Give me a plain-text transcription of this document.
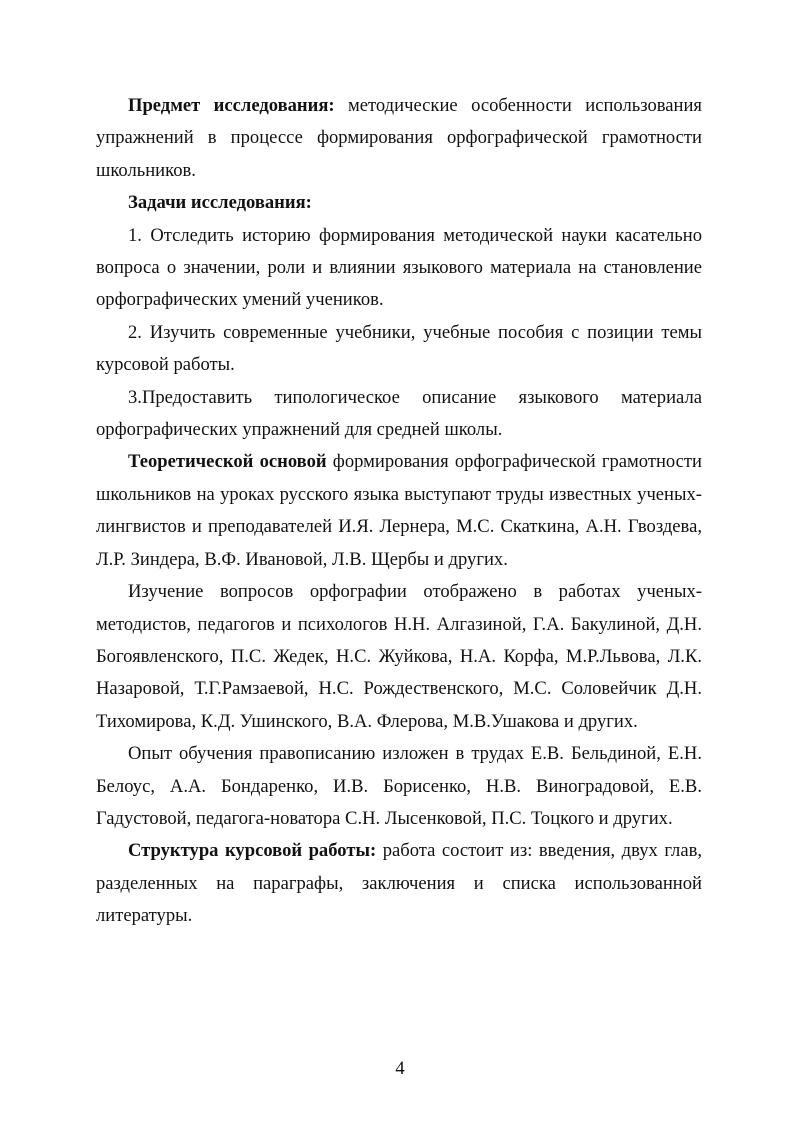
Предмет исследования: методические особенности использования упражнений в процессе формирования орфографической грамотности школьников.

Задачи исследования:

1. Отследить историю формирования методической науки касательно вопроса о значении, роли и влиянии языкового материала на становление орфографических умений учеников.

2. Изучить современные учебники, учебные пособия с позиции темы курсовой работы.

3.Предоставить типологическое описание языкового материала орфографических упражнений для средней школы.

Теоретической основой формирования орфографической грамотности школьников на уроках русского языка выступают труды известных ученых-лингвистов и преподавателей И.Я. Лернера, М.С. Скаткина, А.Н. Гвоздева, Л.Р. Зиндера, В.Ф. Ивановой, Л.В. Щербы и других.

Изучение вопросов орфографии отображено в работах ученых-методистов, педагогов и психологов Н.Н. Алгазиной, Г.А. Бакулиной, Д.Н. Богоявленского, П.С. Жедек, Н.С. Жуйкова, Н.А. Корфа, М.Р.Львова, Л.К. Назаровой, Т.Г.Рамзаевой, Н.С. Рождественского, М.С. Соловейчик Д.Н. Тихомирова, К.Д. Ушинского, В.А. Флерова, М.В.Ушакова и других.

Опыт обучения правописанию изложен в трудах Е.В. Бельдиной, Е.Н. Белоус, А.А. Бондаренко, И.В. Борисенко, Н.В. Виноградовой, Е.В. Гадустовой, педагога-новатора С.Н. Лысенковой, П.С. Тоцкого и других.

Структура курсовой работы: работа состоит из: введения, двух глав, разделенных на параграфы, заключения и списка использованной литературы.

4
